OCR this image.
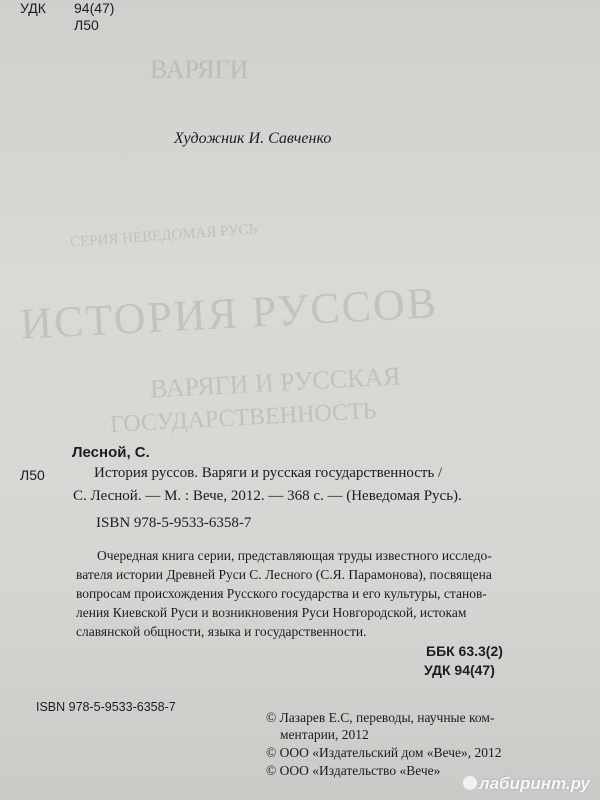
ВАРЯГИ
СЕРИЯ НЕВЕДОМАЯ РУСЬ
ИСТОРИЯ РУССОВ
ВАРЯГИ И РУССКАЯ
ГОСУДАРСТВЕННОСТЬ
УДК 94(47)
Л50
Художник И. Савченко
Лесной, С.
Л50	История руссов. Варяги и русская государственность /
С. Лесной. — М. : Вече, 2012. — 368 с. — (Неведомая Русь).
ISBN 978-5-9533-6358-7
Очередная книга серии, представляющая труды известного исследо-
вателя истории Древней Руси С. Лесного (С.Я. Парамонова), посвящена
вопросам происхождения Русского государства и его культуры, станов-
ления Киевской Руси и возникновения Руси Новгородской, истокам
славянской общности, языка и государственности.
ББК 63.3(2)
УДК 94(47)
ISBN 978-5-9533-6358-7
© Лазарев Е.С, переводы, научные ком-
ментарии, 2012
© ООО «Издательский дом «Вече», 2012
© ООО «Издательство «Вече»
лабиринт.ру
